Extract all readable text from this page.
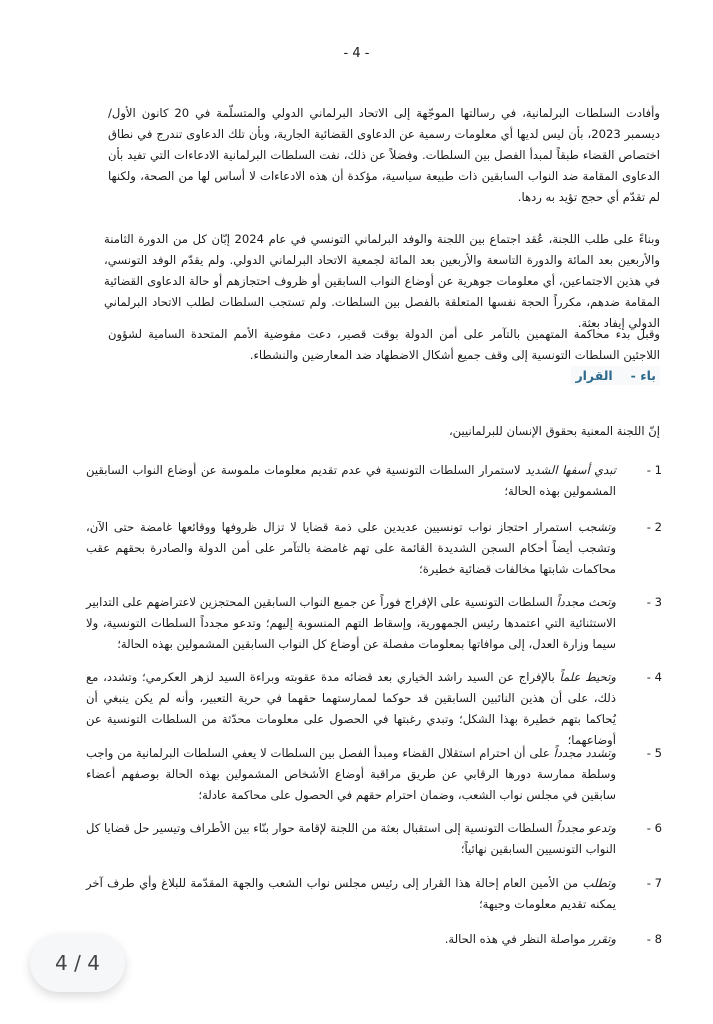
- 4 -

وأفادت السلطات البرلمانية، في رسالتها الموجّهة إلى الاتحاد البرلماني الدولي والمتسلّمة في 20 كانون الأول/ديسمبر 2023، بأن ليس لديها أي معلومات رسمية عن الدعاوى القضائية الجارية، وبأن تلك الدعاوى تندرج في نطاق اختصاص القضاء طبقاً لمبدأ الفصل بين السلطات. وفضلاً عن ذلك، نفت السلطات البرلمانية الادعاءات التي تفيد بأن الدعاوى المقامة ضد النواب السابقين ذات طبيعة سياسية، مؤكدة أن هذه الادعاءات لا أساس لها من الصحة، ولكنها لم تقدّم أي حجج تؤيد به ردها.

وبناءً على طلب اللجنة، عُقد اجتماع بين اللجنة والوفد البرلماني التونسي في عام 2024 إبّان كل من الدورة الثامنة والأربعين بعد المائة والدورة التاسعة والأربعين بعد المائة لجمعية الاتحاد البرلماني الدولي. ولم يقدّم الوفد التونسي، في هذين الاجتماعين، أي معلومات جوهرية عن أوضاع النواب السابقين أو ظروف احتجازهم أو حالة الدعاوى القضائية المقامة ضدهم، مكرراً الحجة نفسها المتعلقة بالفصل بين السلطات. ولم تستجب السلطات لطلب الاتحاد البرلماني الدولي إيفاد بعثة.

وقبل بدء محاكمة المتهمين بالتآمر على أمن الدولة بوقت قصير، دعت مفوضية الأمم المتحدة السامية لشؤون اللاجئين السلطات التونسية إلى وقف جميع أشكال الاضطهاد ضد المعارضين والنشطاء.

باء -القرار

إنّ اللجنة المعنية بحقوق الإنسان للبرلمانيين،

1 -
تبدي أسفها الشديد لاستمرار السلطات التونسية في عدم تقديم معلومات ملموسة عن أوضاع النواب السابقين المشمولين بهذه الحالة؛
2 -
وتشجب استمرار احتجاز نواب تونسيين عديدين على ذمة قضايا لا تزال ظروفها ووقائعها غامضة حتى الآن، وتشجب أيضاً أحكام السجن الشديدة القائمة على تهم غامضة بالتآمر على أمن الدولة والصادرة بحقهم عقب محاكمات شابتها مخالفات قضائية خطيرة؛
3 -
وتحث مجدداً السلطات التونسية على الإفراج فوراً عن جميع النواب السابقين المحتجزين لاعتراضهم على التدابير الاستثنائية التي اعتمدها رئيس الجمهورية، وإسقاط التهم المنسوبة إليهم؛ وتدعو مجدداً السلطات التونسية، ولا سيما وزارة العدل، إلى موافاتها بمعلومات مفصلة عن أوضاع كل النواب السابقين المشمولين بهذه الحالة؛
4 -
وتحيط علماً بالإفراج عن السيد راشد الخياري بعد قضائه مدة عقوبته وبراءة السيد لزهر العكرمي؛ وتشدد، مع ذلك، على أن هذين النائبين السابقين قد حوكما لممارستهما حقهما في حرية التعبير، وأنه لم يكن ينبغي أن يُحاكما بتهم خطيرة بهذا الشكل؛ وتبدي رغبتها في الحصول على معلومات محدّثة من السلطات التونسية عن أوضاعهما؛
5 -
وتشدد مجدداً على أن احترام استقلال القضاء ومبدأ الفصل بين السلطات لا يعفي السلطات البرلمانية من واجب وسلطة ممارسة دورها الرقابي عن طريق مراقبة أوضاع الأشخاص المشمولين بهذه الحالة بوصفهم أعضاء سابقين في مجلس نواب الشعب، وضمان احترام حقهم في الحصول على محاكمة عادلة؛
6 -
وتدعو مجدداً السلطات التونسية إلى استقبال بعثة من اللجنة لإقامة حوار بنّاء بين الأطراف وتيسير حل قضايا كل النواب التونسيين السابقين نهائياً؛
7 -
وتطلب من الأمين العام إحالة هذا القرار إلى رئيس مجلس نواب الشعب والجهة المقدّمة للبلاغ وأي طرف آخر يمكنه تقديم معلومات وجيهة؛
8 -
وتقرر مواصلة النظر في هذه الحالة.
4 / 4
